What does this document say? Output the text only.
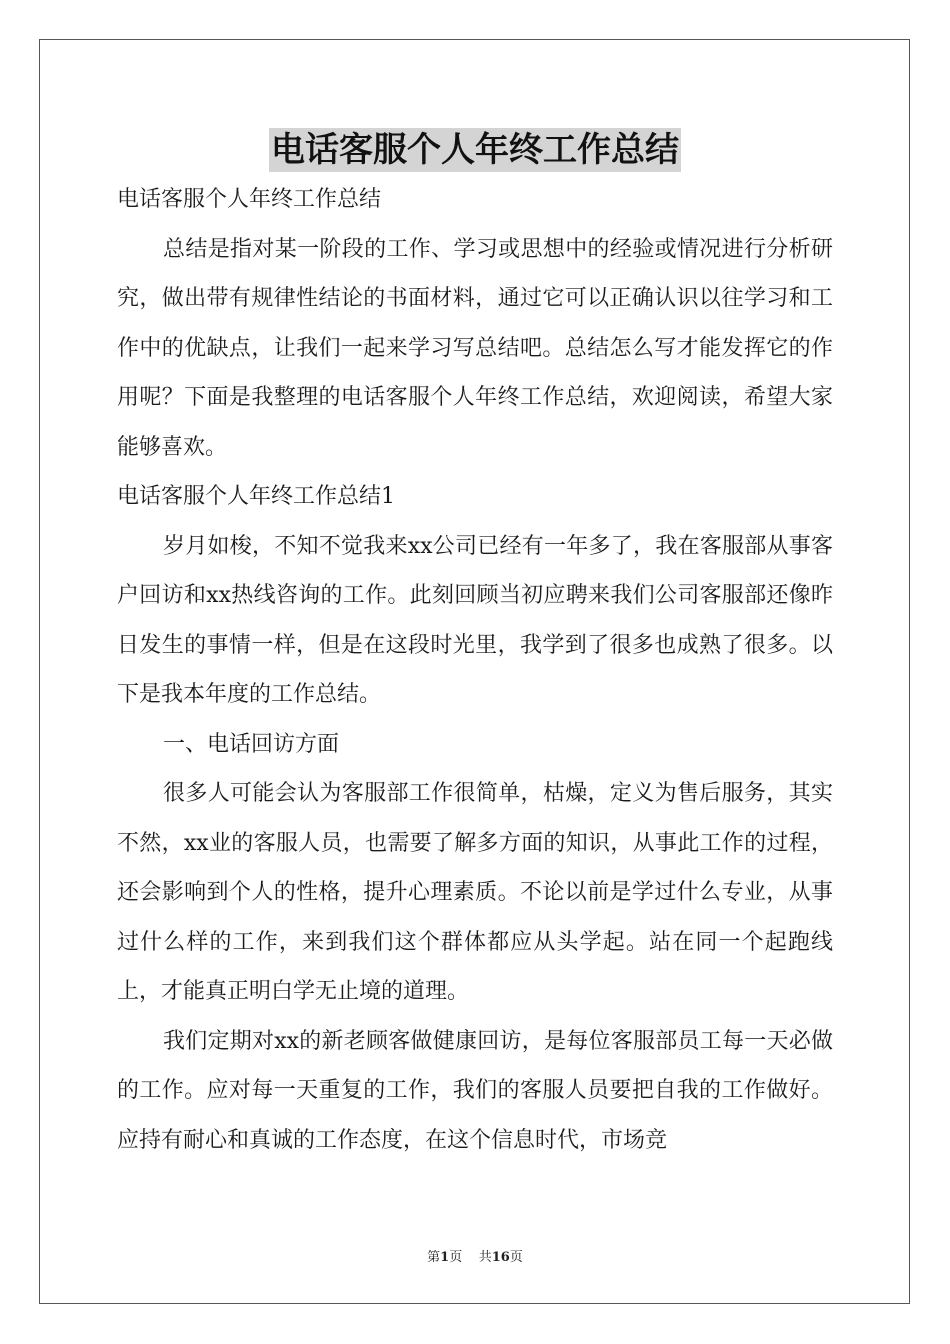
电话客服个人年终工作总结

电话客服个人年终工作总结

总结是指对某一阶段的工作、学习或思想中的经验或情况进行分析研究，做出带有规律性结论的书面材料，通过它可以正确认识以往学习和工作中的优缺点，让我们一起来学习写总结吧。总结怎么写才能发挥它的作用呢？下面是我整理的电话客服个人年终工作总结，欢迎阅读，希望大家能够喜欢。

电话客服个人年终工作总结1

岁月如梭，不知不觉我来xx公司已经有一年多了，我在客服部从事客户回访和xx热线咨询的工作。此刻回顾当初应聘来我们公司客服部还像昨日发生的事情一样，但是在这段时光里，我学到了很多也成熟了很多。以下是我本年度的工作总结。

一、电话回访方面

很多人可能会认为客服部工作很简单，枯燥，定义为售后服务，其实不然，xx业的客服人员，也需要了解多方面的知识，从事此工作的过程，还会影响到个人的性格，提升心理素质。不论以前是学过什么专业，从事过什么样的工作，来到我们这个群体都应从头学起。站在同一个起跑线上，才能真正明白学无止境的道理。

我们定期对xx的新老顾客做健康回访，是每位客服部员工每一天必做的工作。应对每一天重复的工作，我们的客服人员要把自我的工作做好。应持有耐心和真诚的工作态度，在这个信息时代，市场竞

第1页 共16页
